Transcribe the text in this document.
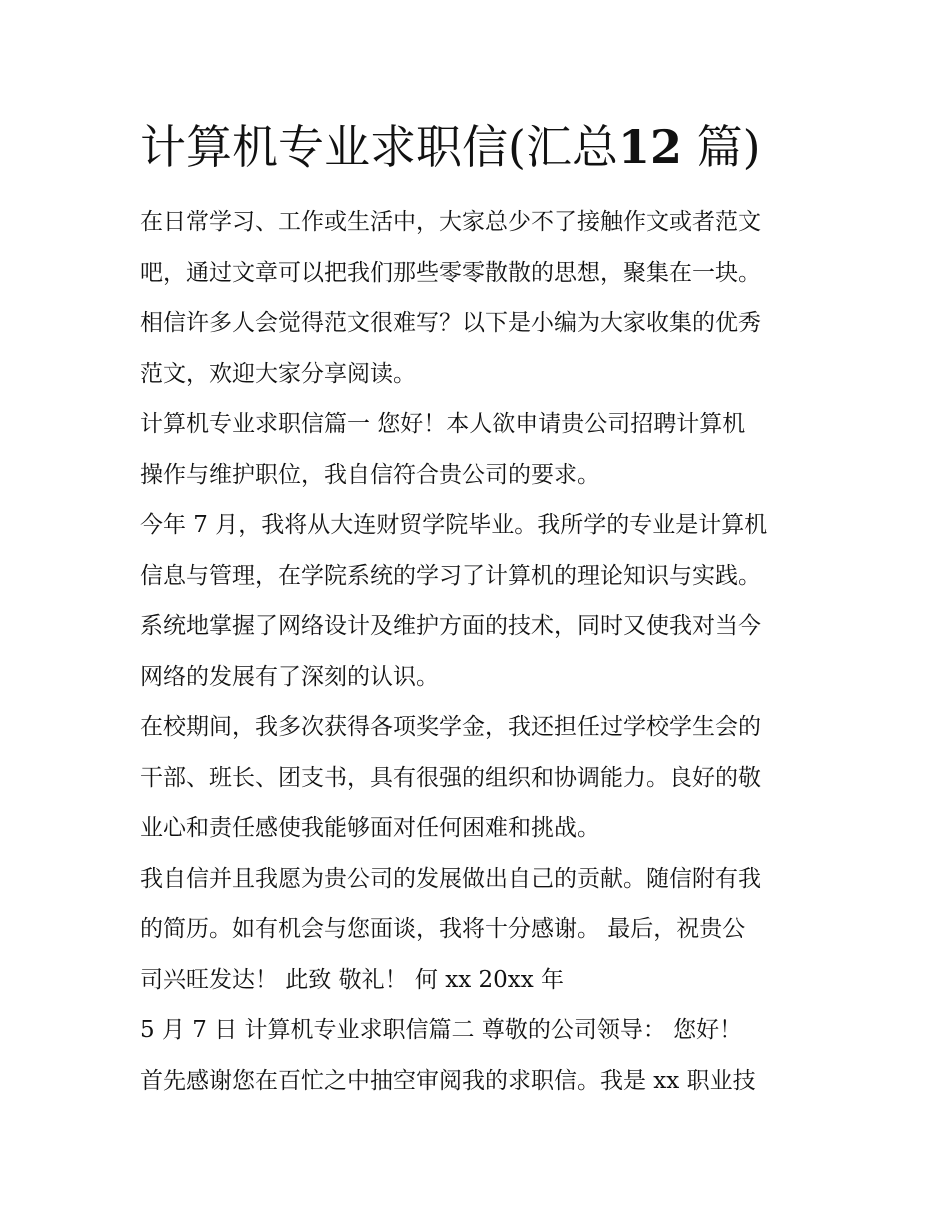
计算机专业求职信(汇总12 篇)
在日常学习、工作或生活中，大家总少不了接触作文或者范文
吧，通过文章可以把我们那些零零散散的思想，聚集在一块。
相信许多人会觉得范文很难写？以下是小编为大家收集的优秀
范文，欢迎大家分享阅读。
计算机专业求职信篇一 您好！本人欲申请贵公司招聘计算机
操作与维护职位，我自信符合贵公司的要求。
今年 7 月，我将从大连财贸学院毕业。我所学的专业是计算机
信息与管理，在学院系统的学习了计算机的理论知识与实践。
系统地掌握了网络设计及维护方面的技术，同时又使我对当今
网络的发展有了深刻的认识。
在校期间，我多次获得各项奖学金，我还担任过学校学生会的
干部、班长、团支书，具有很强的组织和协调能力。良好的敬
业心和责任感使我能够面对任何困难和挑战。
我自信并且我愿为贵公司的发展做出自己的贡献。随信附有我
的简历。如有机会与您面谈，我将十分感谢。 最后，祝贵公
司兴旺发达！ 此致 敬礼！ 何 xx 20xx 年
5 月 7 日 计算机专业求职信篇二 尊敬的公司领导： 您好！
首先感谢您在百忙之中抽空审阅我的求职信。我是 xx 职业技
